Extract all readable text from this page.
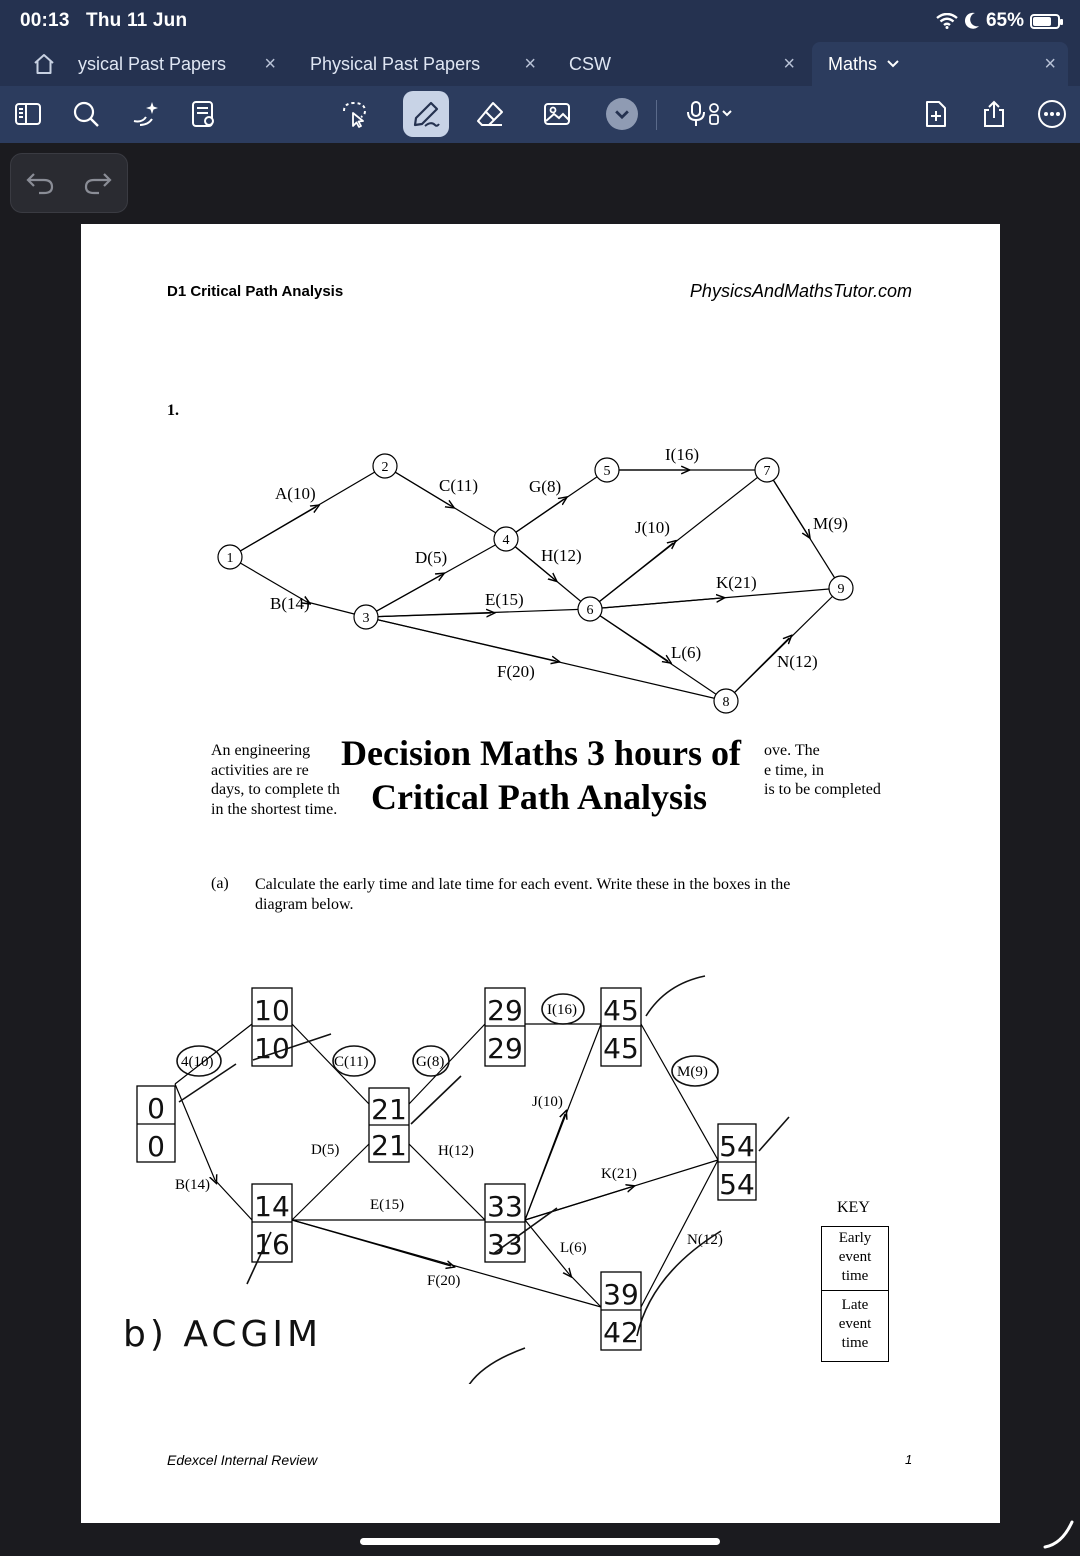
00:13 Thu 11 Jun	65%
ysical Past Papers × Physical Past Papers × CSW	× Maths	×
D1 Critical Path Analysis	PhysicsAndMathsTutor.com
1.
1
2
3
4
5
6
7
8
9
A(10)
B(14)
C(11)
D(5)
E(15)
F(20)
G(8)
H(12)
I(16)
J(10)
K(21)
L(6)
M(9)
N(12)
An engineering
activities are re
days, to complete th
in the shortest time.
ove. The
e time, in
is to be completed
Decision Maths 3 hours of
Critical Path Analysis
(a) Calculate the early time and late time for each event. Write these in the boxes in the
diagram below.
0
0
10
10
14
16
21
21
29
29
33
33
45
45
39
42
54
54
4(10)
B(14)
C(11)
D(5)
E(15)
F(20)
G(8)
H(12)
I(16)
J(10)
K(21)
L(6)
M(9)
N(12)
b) ACGIM
KEY
Early
event
time
Late
event
time
Edexcel Internal Review	1
